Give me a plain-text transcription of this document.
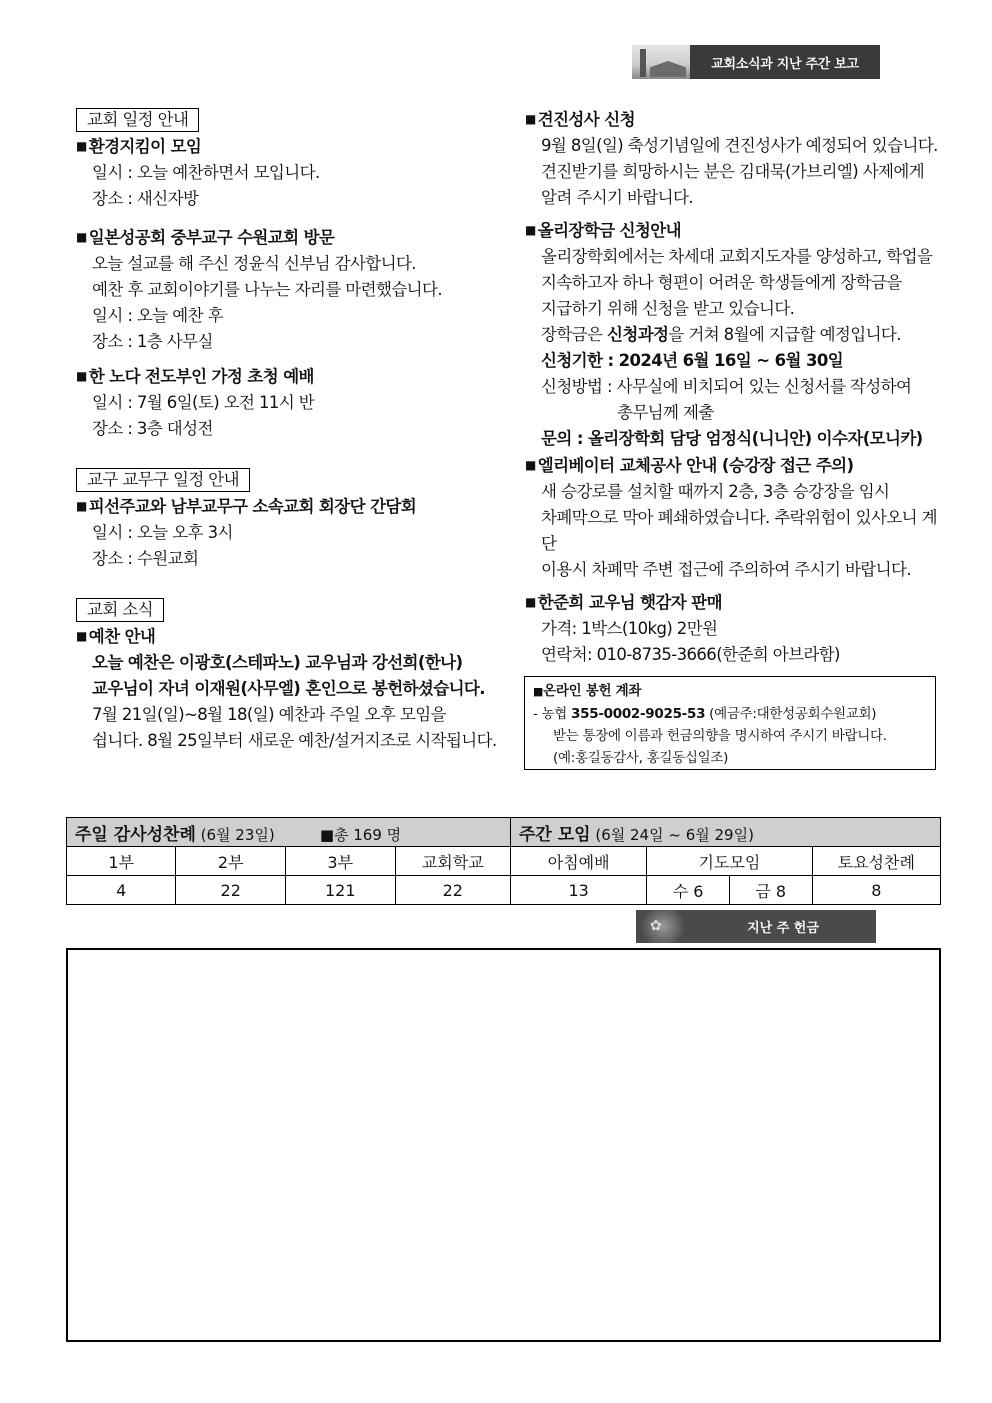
교회소식과 지난 주간 보고
교회 일정 안내
■ 환경지킴이 모임
일시 : 오늘 예찬하면서 모입니다.
장소 : 새신자방
■ 일본성공회 중부교구 수원교회 방문
오늘 설교를 해 주신 정윤식 신부님 감사합니다.
예찬 후 교회이야기를 나누는 자리를 마련했습니다.
일시 : 오늘 예찬 후
장소 : 1층 사무실
■ 한 노다 전도부인 가정 초청 예배
일시 : 7월 6일(토) 오전 11시 반
장소 : 3층 대성전
교구 교무구 일정 안내
■ 피선주교와 남부교무구 소속교회 회장단 간담회
일시 : 오늘 오후 3시
장소 : 수원교회
교회 소식
■ 예찬 안내
오늘 예찬은 이광호(스테파노) 교우님과 강선희(한나)
교우님이 자녀 이재원(사무엘) 혼인으로 봉헌하셨습니다.
7월 21일(일)~8월 18(일) 예찬과 주일 오후 모임을
쉽니다. 8월 25일부터 새로운 예찬/설거지조로 시작됩니다.
■ 견진성사 신청
9월 8일(일) 축성기념일에 견진성사가 예정되어 있습니다.
견진받기를 희망하시는 분은 김대묵(가브리엘) 사제에게
알려 주시기 바랍니다.
■ 올리장학금 신청안내
올리장학회에서는 차세대 교회지도자를 양성하고, 학업을
지속하고자 하나 형편이 어려운 학생들에게 장학금을
지급하기 위해 신청을 받고 있습니다.
장학금은 신청과정을 거쳐 8월에 지급할 예정입니다.
신청기한 : 2024년 6월 16일 ~ 6월 30일
신청방법 : 사무실에 비치되어 있는 신청서를 작성하여
총무님께 제출
문의 : 올리장학회 담당 엄정식(니니안) 이수자(모니카)
■ 엘리베이터 교체공사 안내 (승강장 접근 주의)
새 승강로를 설치할 때까지 2층, 3층 승강장을 임시
차폐막으로 막아 폐쇄하였습니다. 추락위험이 있사오니 계단
이용시 차폐막 주변 접근에 주의하여 주시기 바랍니다.
■ 한준희 교우님 햇감자 판매
가격: 1박스(10kg) 2만원
연락처: 010-8735-3666(한준희 아브라함)
■온라인 봉헌 계좌
- 농협 355-0002-9025-53 (예금주:대한성공회수원교회)
받는 통장에 이름과 헌금의향을 명시하여 주시기 바랍니다.
(예:홍길동감사, 홍길동십일조)
주일 감사성찬례 (6월 23일) ■총 169 명				주간 모임 (6월 24일 ~ 6월 29일)			
1부	2부	3부	교회학교	아침예배	기도모임		토요성찬례
4	22	121	22	13	수 6	금 8	8
✿	지난 주 헌금
